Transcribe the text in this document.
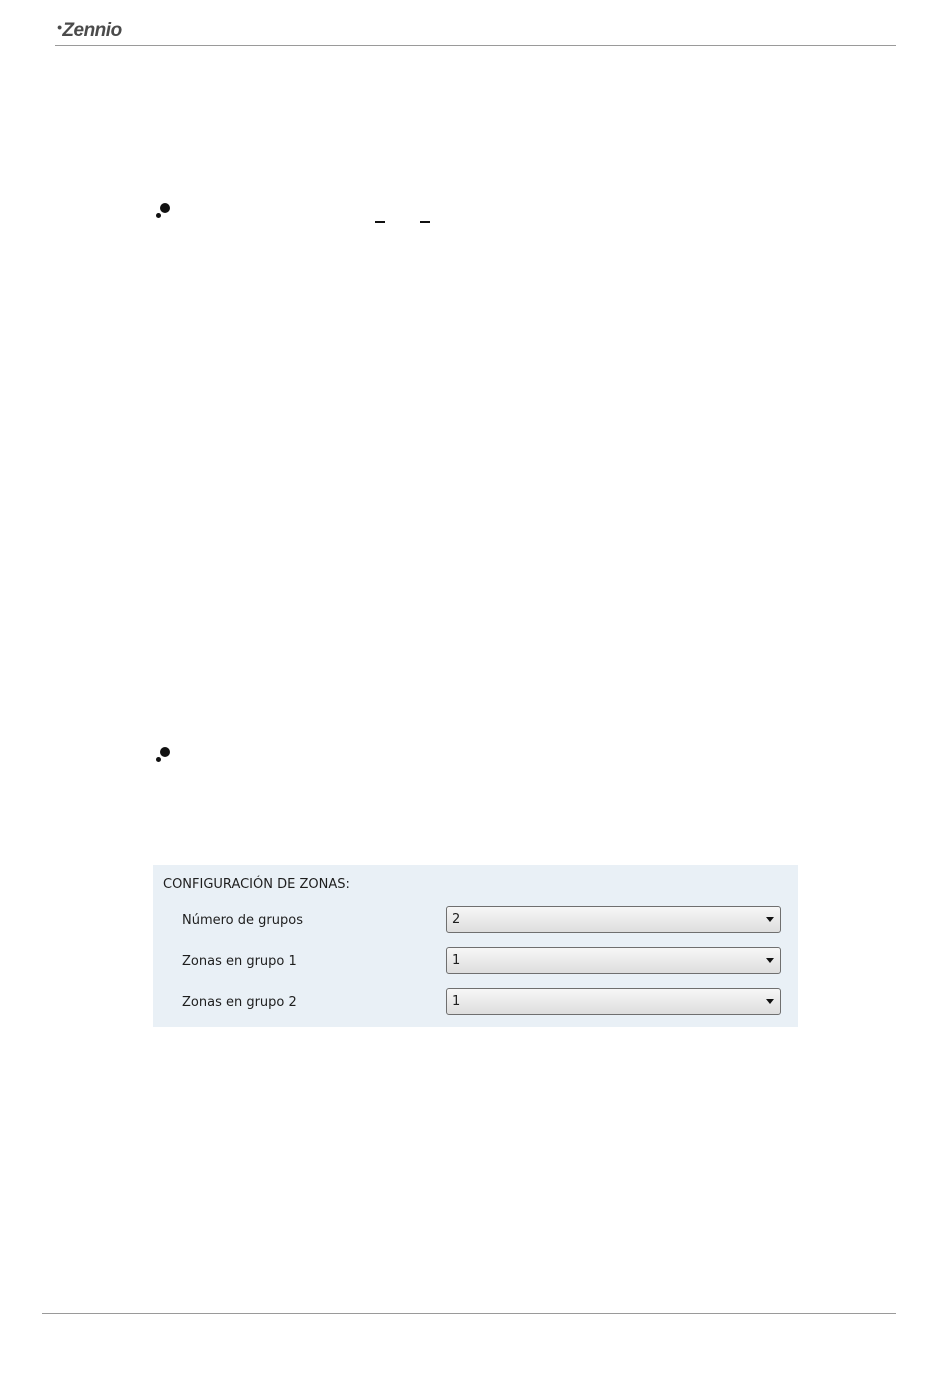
• Zennio
CONFIGURACIÓN DE ZONAS:
Número de grupos	2
Zonas en grupo 1	1
Zonas en grupo 2	1
